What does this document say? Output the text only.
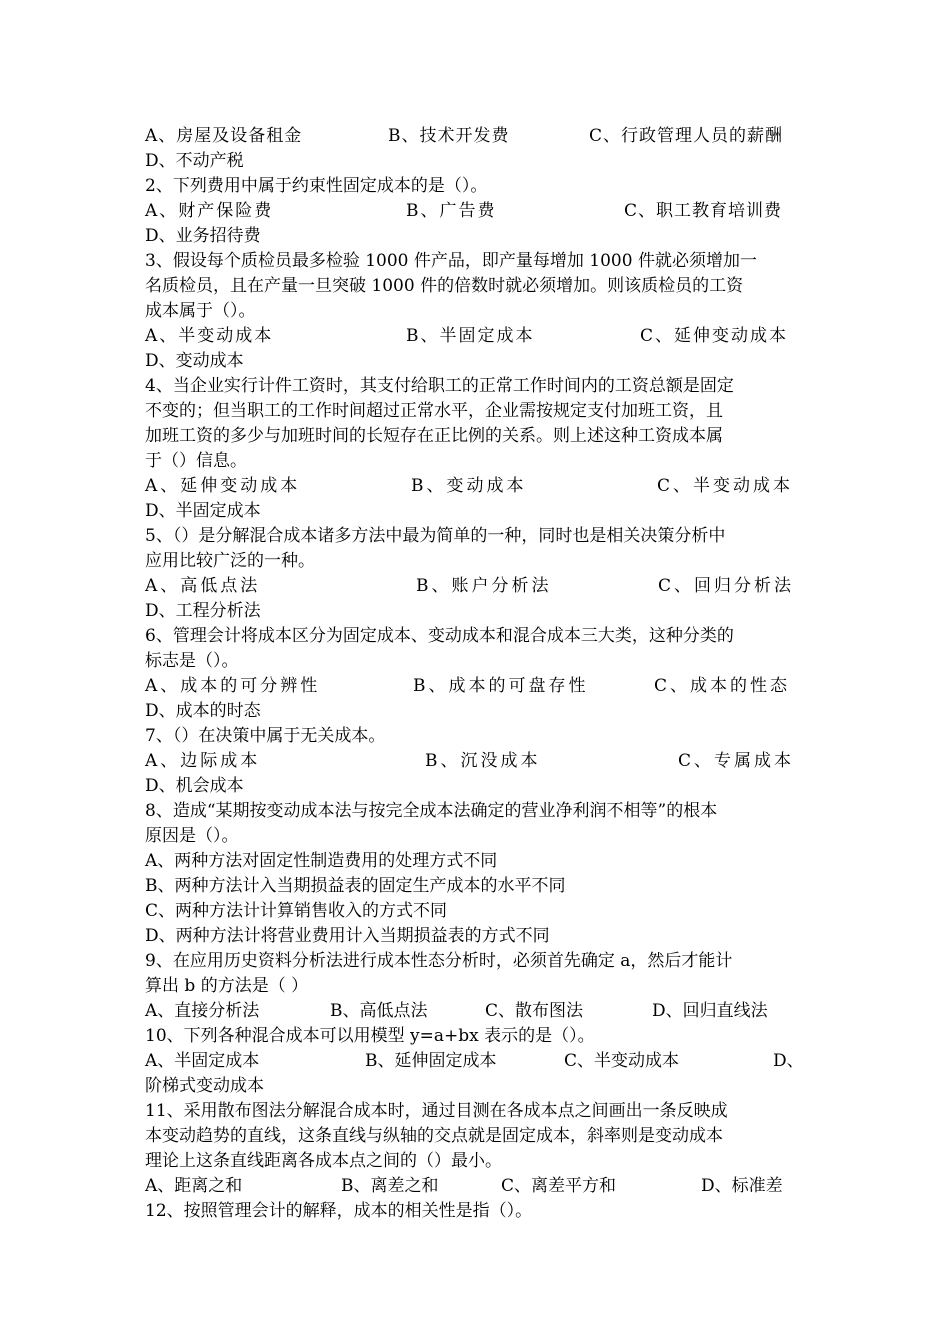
A、房屋及设备租金	B、技术开发费	C、行政管理人员的薪酬
D、不动产税
2、下列费用中属于约束性固定成本的是（）。
A、财产保险费	B、广告费	C、职工教育培训费
D、业务招待费
3、假设每个质检员最多检验 1000 件产品，即产量每增加 1000 件就必须增加一
名质检员，且在产量一旦突破 1000 件的倍数时就必须增加。则该质检员的工资
成本属于（）。
A、半变动成本	B、半固定成本	C、延伸变动成本
D、变动成本
4、当企业实行计件工资时，其支付给职工的正常工作时间内的工资总额是固定
不变的；但当职工的工作时间超过正常水平，企业需按规定支付加班工资，且
加班工资的多少与加班时间的长短存在正比例的关系。则上述这种工资成本属
于（）信息。
A、延伸变动成本	B、变动成本	C、半变动成本
D、半固定成本
5、（）是分解混合成本诸多方法中最为简单的一种，同时也是相关决策分析中
应用比较广泛的一种。
A、高低点法	B、账户分析法	C、回归分析法
D、工程分析法
6、管理会计将成本区分为固定成本、变动成本和混合成本三大类，这种分类的
标志是（）。
A、成本的可分辨性	B、成本的可盘存性	C、成本的性态
D、成本的时态
7、（）在决策中属于无关成本。
A、边际成本	B、沉没成本	C、专属成本
D、机会成本
8、造成“某期按变动成本法与按完全成本法确定的营业净利润不相等”的根本
原因是（）。
A、两种方法对固定性制造费用的处理方式不同
B、两种方法计入当期损益表的固定生产成本的水平不同
C、两种方法计计算销售收入的方式不同
D、两种方法计将营业费用计入当期损益表的方式不同
9、在应用历史资料分析法进行成本性态分析时，必须首先确定 a，然后才能计
算出 b 的方法是（ ）
A、直接分析法	B、高低点法	C、散布图法	D、回归直线法
10、下列各种混合成本可以用模型 y=a+bx 表示的是（）。
A、半固定成本	B、延伸固定成本	C、半变动成本	D、
阶梯式变动成本
11、采用散布图法分解混合成本时，通过目测在各成本点之间画出一条反映成
本变动趋势的直线，这条直线与纵轴的交点就是固定成本，斜率则是变动成本
理论上这条直线距离各成本点之间的（）最小。
A、距离之和	B、离差之和	C、离差平方和	D、标准差
12、按照管理会计的解释，成本的相关性是指（）。
